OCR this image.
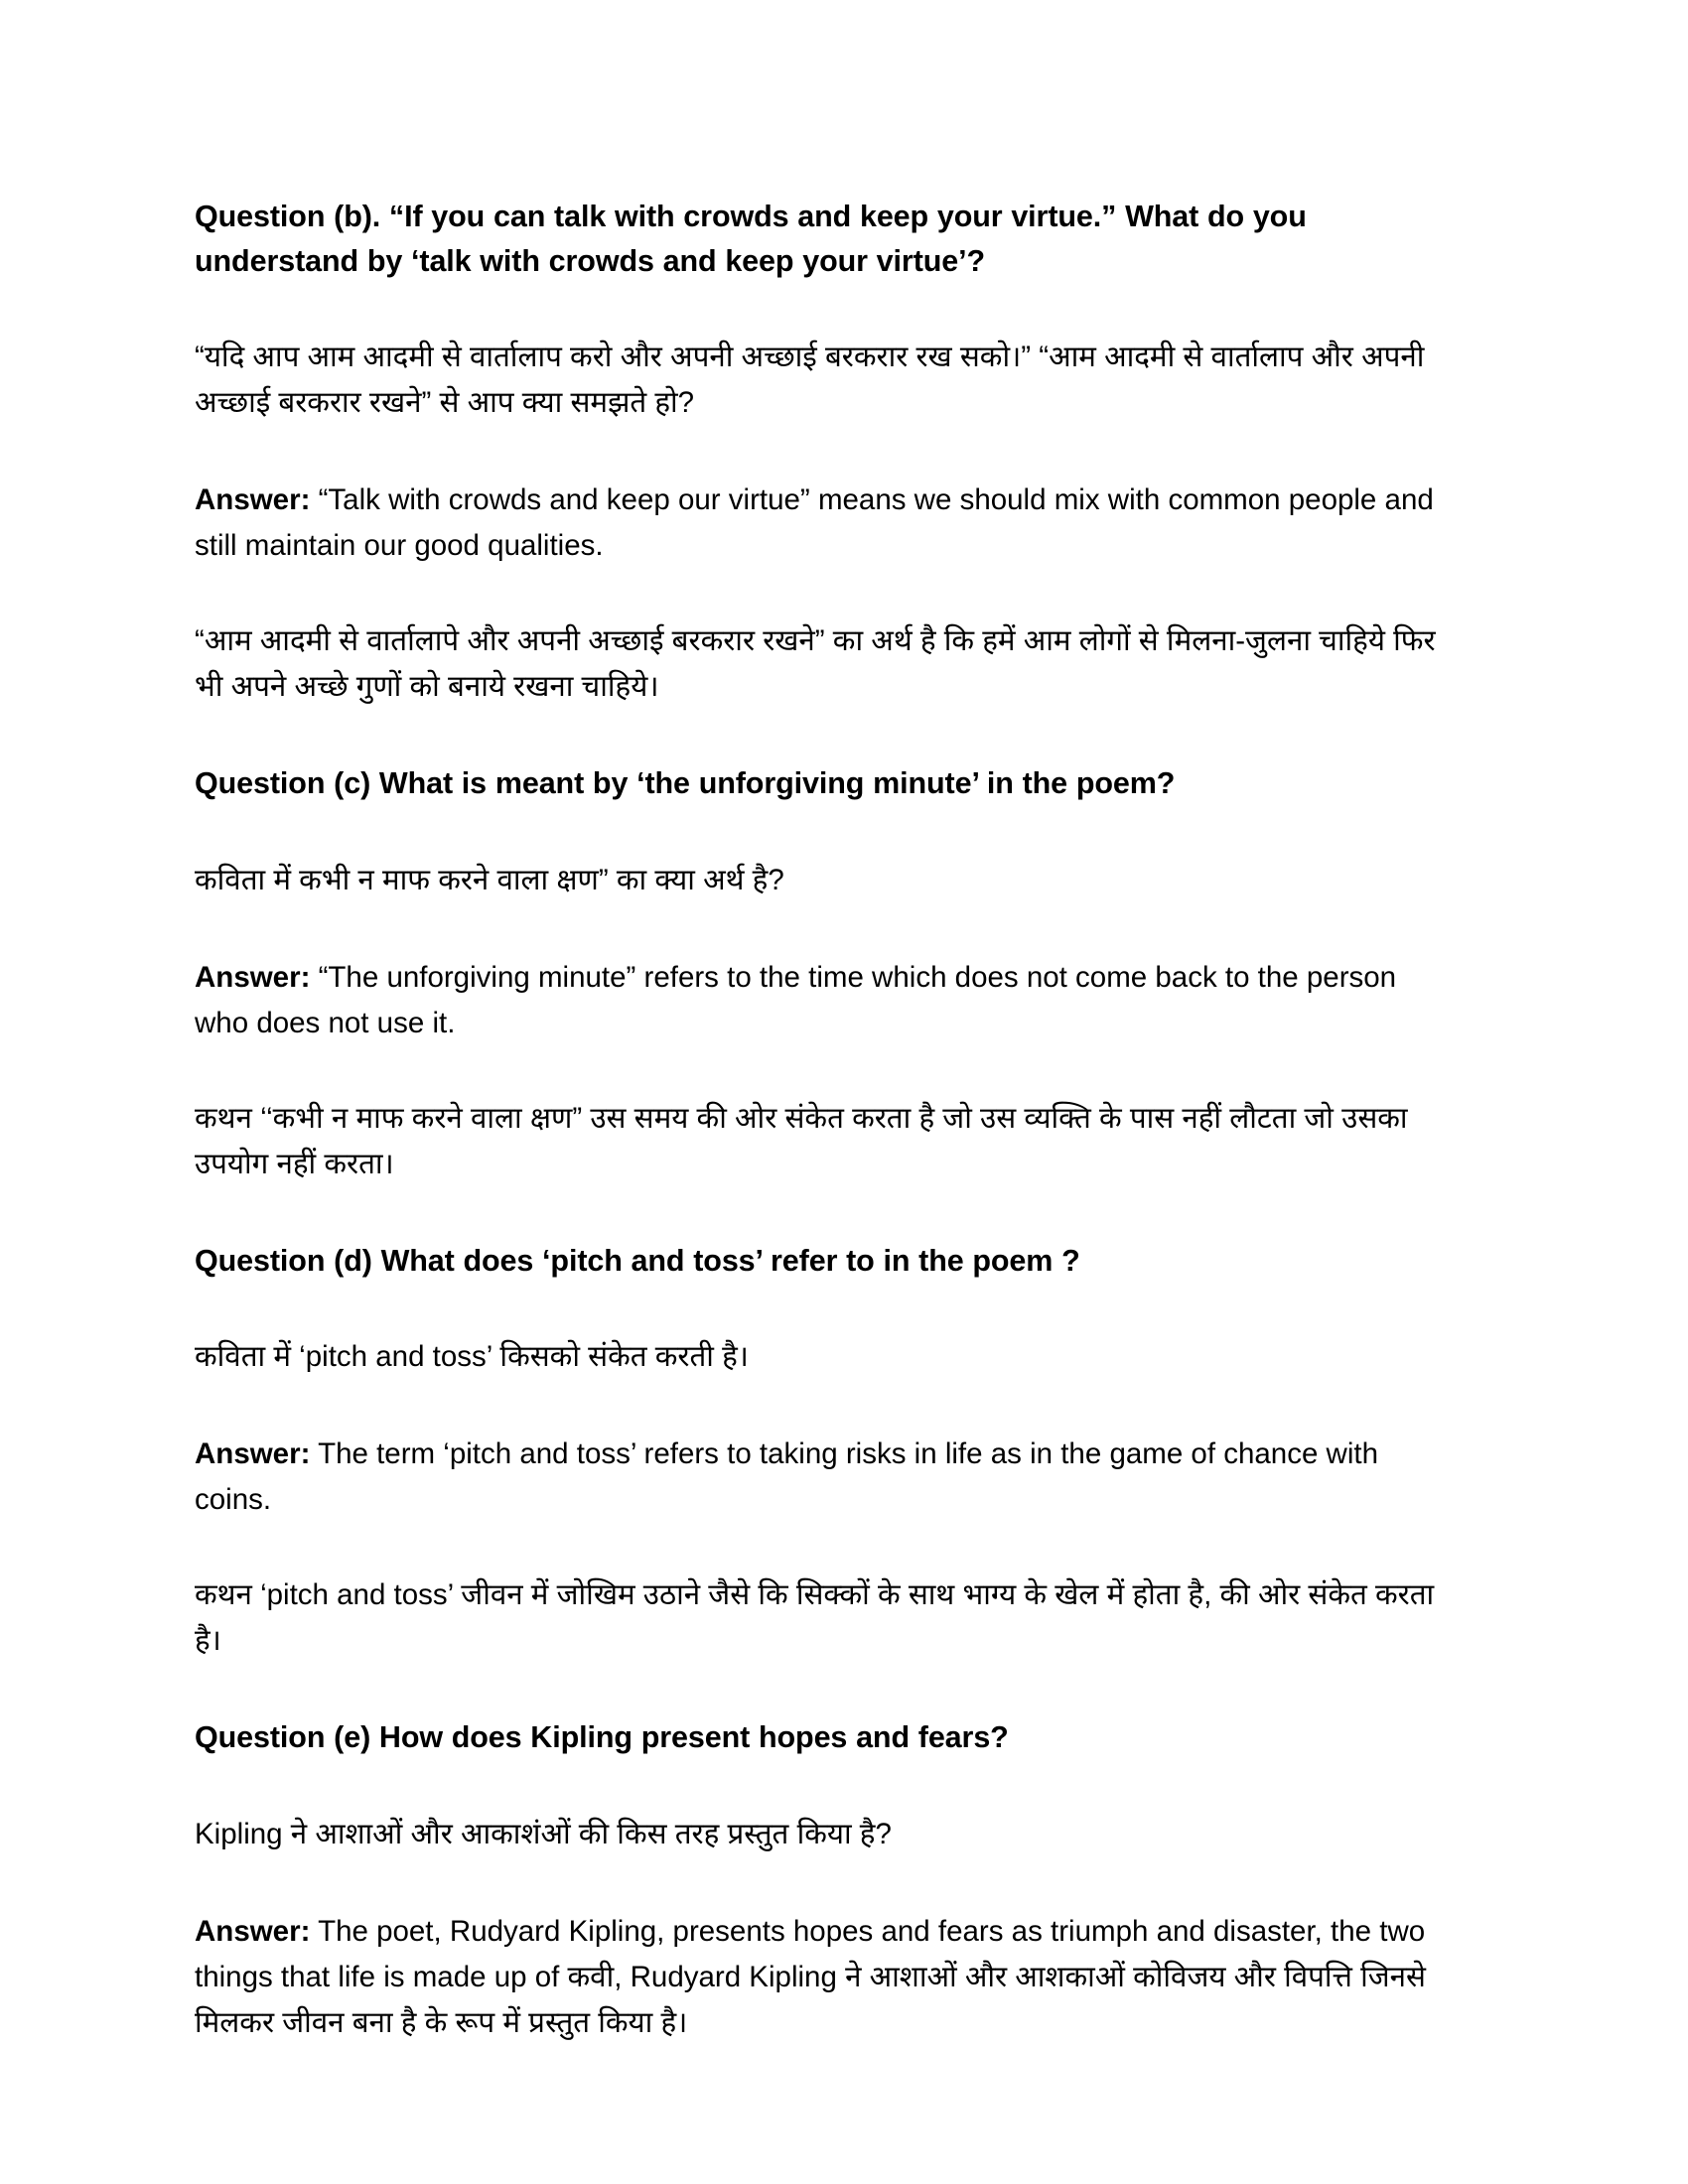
Question (b). “If you can talk with crowds and keep your virtue.” What do you understand by ‘talk with crowds and keep your virtue’?

“यदि आप आम आदमी से वार्तालाप करो और अपनी अच्छाई बरकरार रख सको।” “आम आदमी से वार्तालाप और अपनी अच्छाई बरकरार रखने” से आप क्या समझते हो?

Answer: “Talk with crowds and keep our virtue” means we should mix with common people and still maintain our good qualities.

“आम आदमी से वार्तालापे और अपनी अच्छाई बरकरार रखने” का अर्थ है कि हमें आम लोगों से मिलना-जुलना चाहिये फिर भी अपने अच्छे गुणों को बनाये रखना चाहिये।

Question (c) What is meant by ‘the unforgiving minute’ in the poem?

कविता में कभी न माफ करने वाला क्षण” का क्या अर्थ है?

Answer: “The unforgiving minute” refers to the time which does not come back to the person who does not use it.

कथन ‘‘कभी न माफ करने वाला क्षण” उस समय की ओर संकेत करता है जो उस व्यक्ति के पास नहीं लौटता जो उसका उपयोग नहीं करता।

Question (d) What does ‘pitch and toss’ refer to in the poem ?

कविता में ‘pitch and toss’ किसको संकेत करती है।

Answer: The term ‘pitch and toss’ refers to taking risks in life as in the game of chance with coins.

कथन ‘pitch and toss’ जीवन में जोखिम उठाने जैसे कि सिक्कों के साथ भाग्य के खेल में होता है, की ओर संकेत करता है।

Question (e) How does Kipling present hopes and fears?

Kipling ने आशाओं और आकाशंओं की किस तरह प्रस्तुत किया है?

Answer: The poet, Rudyard Kipling, presents hopes and fears as triumph and disaster, the two things that life is made up of कवी, Rudyard Kipling ने आशाओं और आशकाओं कोविजय और विपत्ति जिनसे मिलकर जीवन बना है के रूप में प्रस्तुत किया है।
